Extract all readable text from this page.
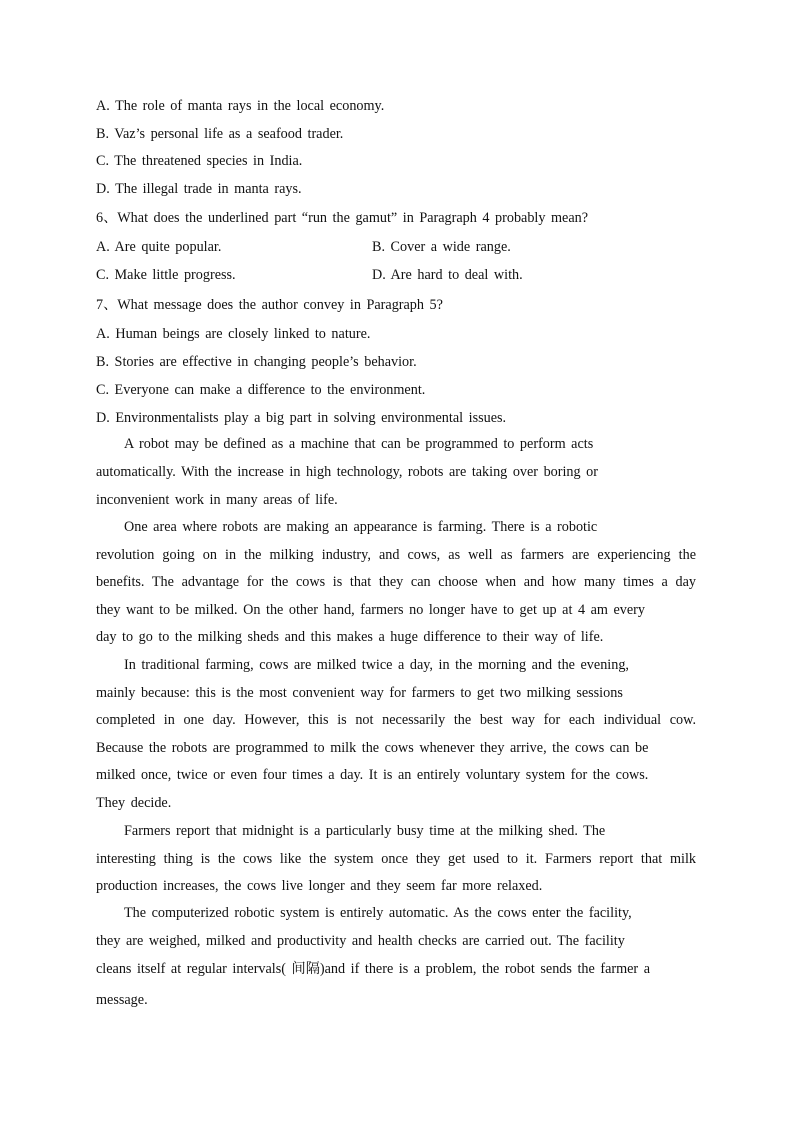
A. The role of manta rays in the local economy.
B. Vaz’s personal life as a seafood trader.
C. The threatened species in India.
D. The illegal trade in manta rays.
6、What does the underlined part “run the gamut” in Paragraph 4 probably mean?
A. Are quite popular.	B. Cover a wide range.
C. Make little progress.	D. Are hard to deal with.
7、What message does the author convey in Paragraph 5?
A. Human beings are closely linked to nature.
B. Stories are effective in changing people’s behavior.
C. Everyone can make a difference to the environment.
D. Environmentalists play a big part in solving environmental issues.
A robot may be defined as a machine that can be programmed to perform acts
automatically. With the increase in high technology, robots are taking over boring or
inconvenient work in many areas of life.
One area where robots are making an appearance is farming. There is a robotic
revolution going on in the milking industry, and cows, as well as farmers are experiencing the
benefits. The advantage for the cows is that they can choose when and how many times a day
they want to be milked. On the other hand, farmers no longer have to get up at 4 am every
day to go to the milking sheds and this makes a huge difference to their way of life.
In traditional farming, cows are milked twice a day, in the morning and the evening,
mainly because: this is the most convenient way for farmers to get two milking sessions
completed in one day. However, this is not necessarily the best way for each individual cow.
Because the robots are programmed to milk the cows whenever they arrive, the cows can be
milked once, twice or even four times a day. It is an entirely voluntary system for the cows.
They decide.
Farmers report that midnight is a particularly busy time at the milking shed. The
interesting thing is the cows like the system once they get used to it. Farmers report that milk
production increases, the cows live longer and they seem far more relaxed.
The computerized robotic system is entirely automatic. As the cows enter the facility,
they are weighed, milked and productivity and health checks are carried out. The facility
cleans itself at regular intervals( 间隔)and if there is a problem, the robot sends the farmer a
message.
